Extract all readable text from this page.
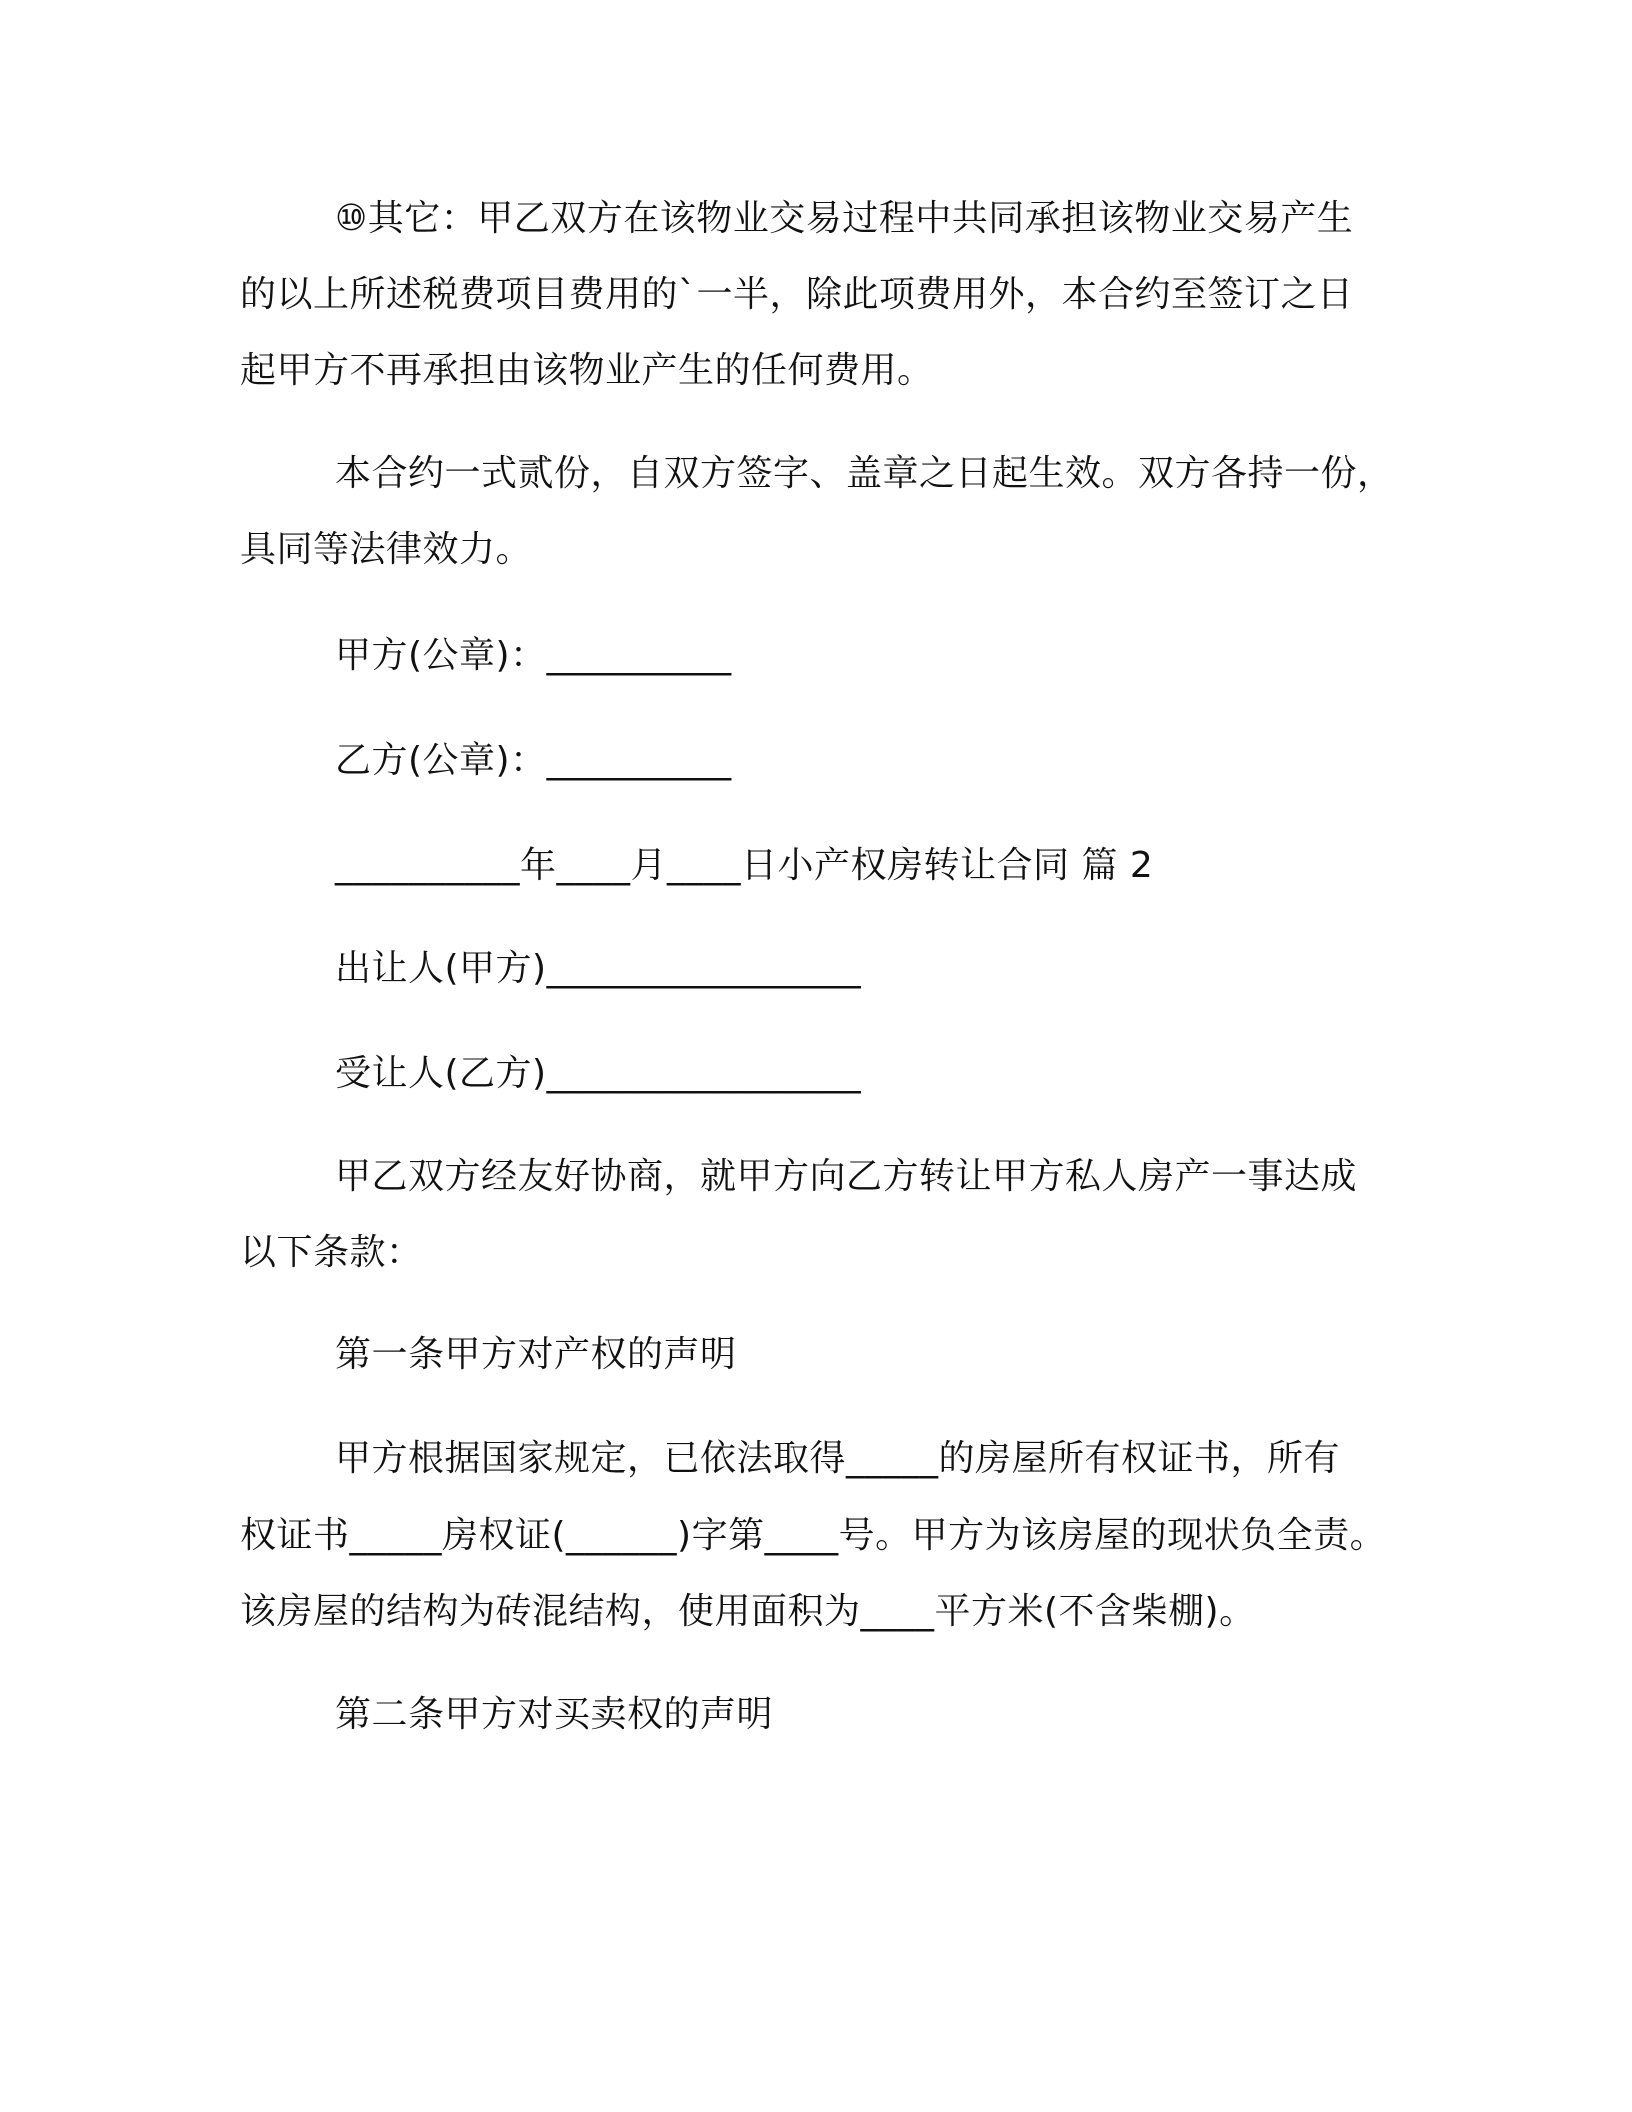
⑩其它：甲乙双方在该物业交易过程中共同承担该物业交易产生
的以上所述税费项目费用的`一半，除此项费用外，本合约至签订之日
起甲方不再承担由该物业产生的任何费用。
本合约一式贰份，自双方签字、盖章之日起生效。双方各持一份，
具同等法律效力。
甲方(公章)：__________
乙方(公章)：__________
__________年____月____日小产权房转让合同 篇 2
出让人(甲方)_________________
受让人(乙方)_________________
甲乙双方经友好协商，就甲方向乙方转让甲方私人房产一事达成
以下条款：
第一条甲方对产权的声明
甲方根据国家规定，已依法取得_____的房屋所有权证书，所有
权证书_____房权证(______)字第____号。甲方为该房屋的现状负全责。
该房屋的结构为砖混结构，使用面积为____平方米(不含柴棚)。
第二条甲方对买卖权的声明
